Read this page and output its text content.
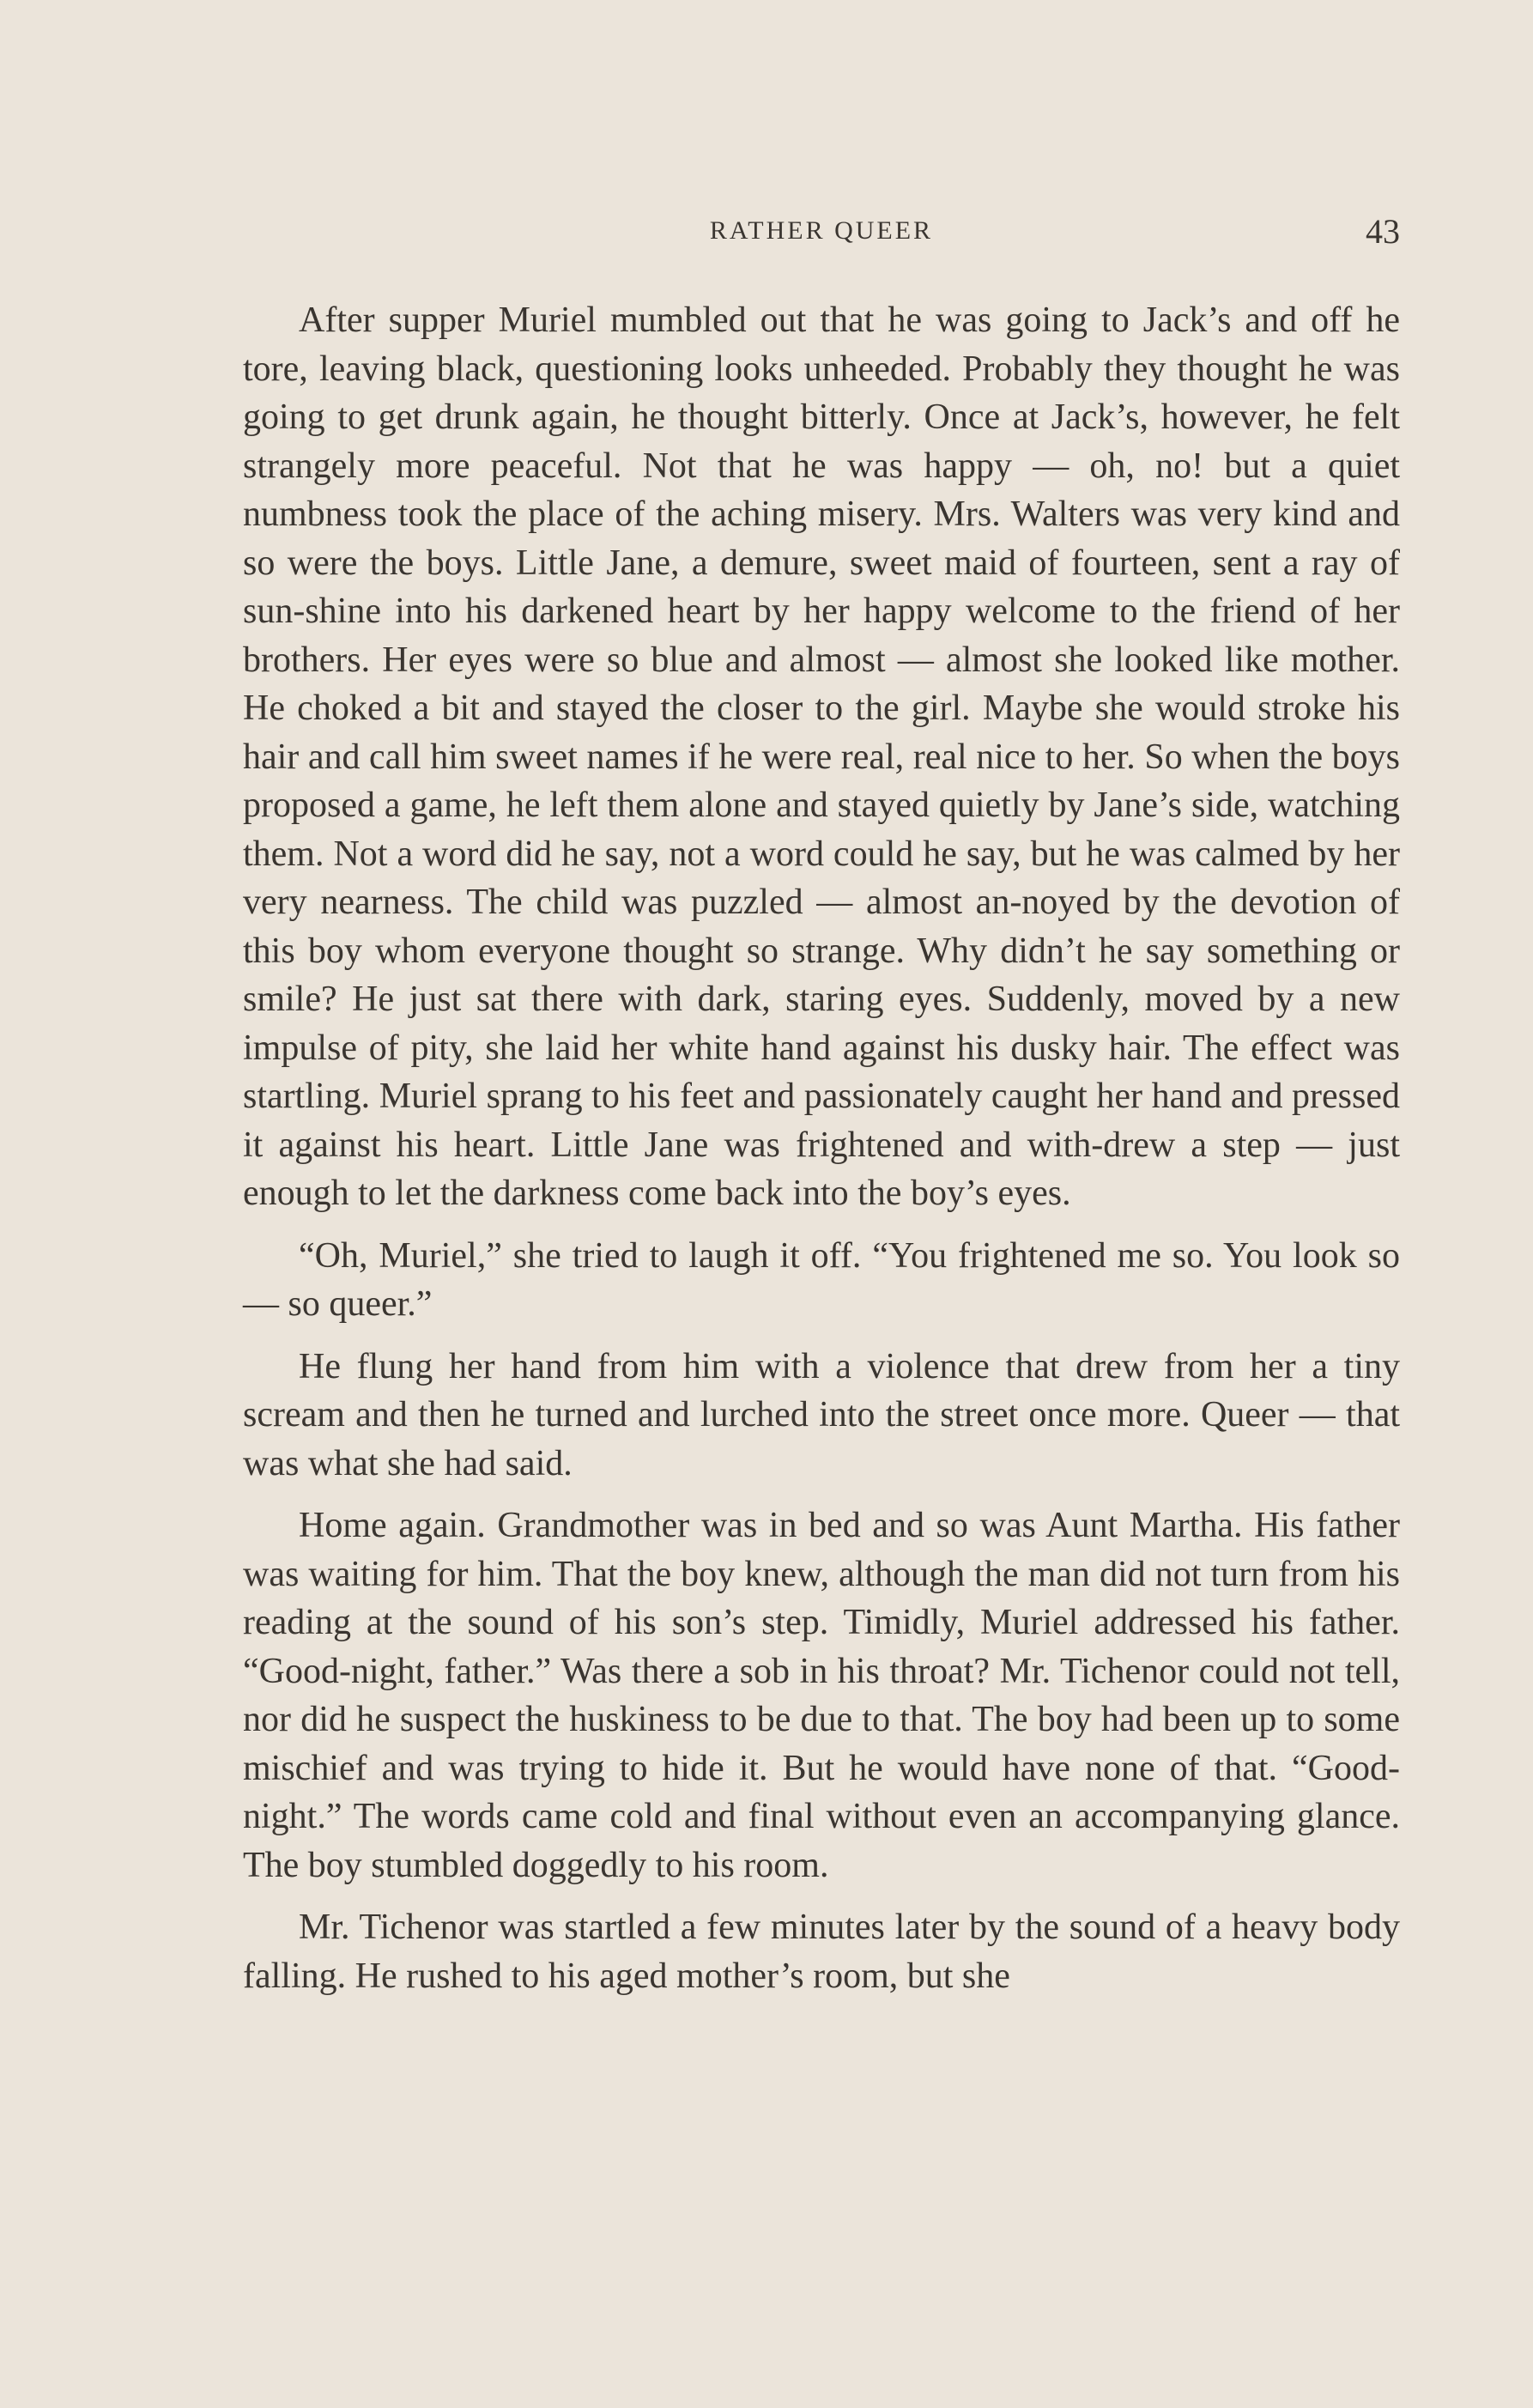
RATHER QUEER	43

After supper Muriel mumbled out that he was going to Jack’s and off he tore, leaving black, questioning looks unheeded. Probably they thought he was going to get drunk again, he thought bitterly. Once at Jack’s, however, he felt strangely more peaceful. Not that he was happy — oh, no! but a quiet numbness took the place of the aching misery. Mrs. Walters was very kind and so were the boys. Little Jane, a demure, sweet maid of fourteen, sent a ray of sun-shine into his darkened heart by her happy welcome to the friend of her brothers. Her eyes were so blue and almost — almost she looked like mother. He choked a bit and stayed the closer to the girl. Maybe she would stroke his hair and call him sweet names if he were real, real nice to her. So when the boys proposed a game, he left them alone and stayed quietly by Jane’s side, watching them. Not a word did he say, not a word could he say, but he was calmed by her very nearness. The child was puzzled — almost an-noyed by the devotion of this boy whom everyone thought so strange. Why didn’t he say something or smile? He just sat there with dark, staring eyes. Suddenly, moved by a new impulse of pity, she laid her white hand against his dusky hair. The effect was startling. Muriel sprang to his feet and passionately caught her hand and pressed it against his heart. Little Jane was frightened and with-drew a step — just enough to let the darkness come back into the boy’s eyes.

“Oh, Muriel,” she tried to laugh it off. “You frightened me so. You look so — so queer.”

He flung her hand from him with a violence that drew from her a tiny scream and then he turned and lurched into the street once more. Queer — that was what she had said.

Home again. Grandmother was in bed and so was Aunt Martha. His father was waiting for him. That the boy knew, although the man did not turn from his reading at the sound of his son’s step. Timidly, Muriel addressed his father. “Good-night, father.” Was there a sob in his throat? Mr. Tichenor could not tell, nor did he suspect the huskiness to be due to that. The boy had been up to some mischief and was trying to hide it. But he would have none of that. “Good-night.” The words came cold and final without even an accompanying glance. The boy stumbled doggedly to his room.

Mr. Tichenor was startled a few minutes later by the sound of a heavy body falling. He rushed to his aged mother’s room, but she
